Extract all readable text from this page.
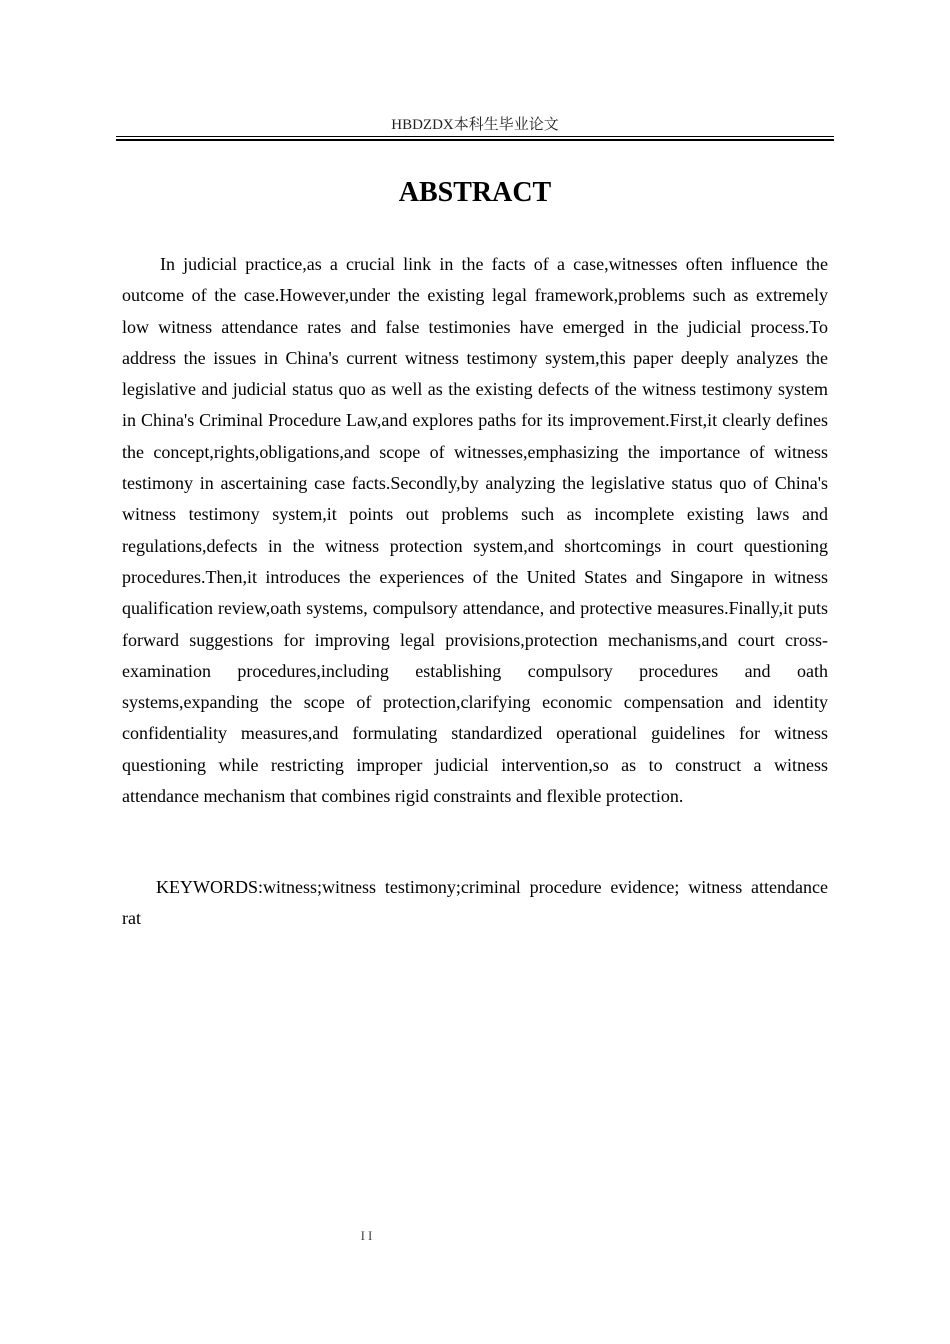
HBDZDX本科生毕业论文
ABSTRACT

In judicial practice,as a crucial link in the facts of a case,witnesses often influence the outcome of the case.However,under the existing legal framework,problems such as extremely low witness attendance rates and false testimonies have emerged in the judicial process.To address the issues in China's current witness testimony system,this paper deeply analyzes the legislative and judicial status quo as well as the existing defects of the witness testimony system in China's Criminal Procedure Law,and explores paths for its improvement.First,it clearly defines the concept,rights,obligations,and scope of witnesses,emphasizing the importance of witness testimony in ascertaining case facts.Secondly,by analyzing the legislative status quo of China's witness testimony system,it points out problems such as incomplete existing laws and regulations,defects in the witness protection system,and shortcomings in court questioning procedures.Then,it introduces the experiences of the United States and Singapore in witness qualification review,oath systems, compulsory attendance, and protective measures.Finally,it puts forward suggestions for improving legal provisions,protection mechanisms,and court cross-examination procedures,including establishing compulsory procedures and oath systems,expanding the scope of protection,clarifying economic compensation and identity confidentiality measures,and formulating standardized operational guidelines for witness questioning while restricting improper judicial intervention,so as to construct a witness attendance mechanism that combines rigid constraints and flexible protection.

KEYWORDS:witness;witness testimony;criminal procedure evidence; witness attendance rat

II
